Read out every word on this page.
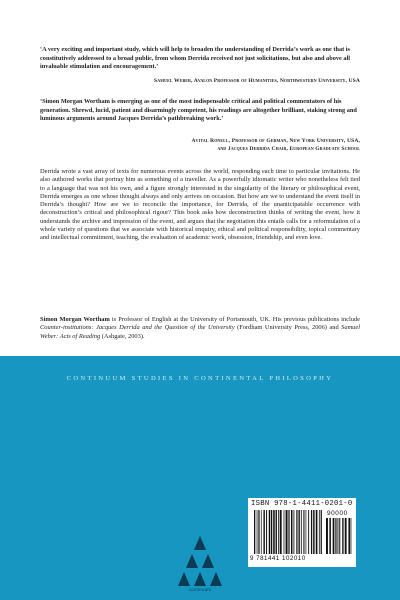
‘A very exciting and important study, which will help to broaden the understanding of Derrida’s work as one that is constitutively addressed to a broad public, from whom Derrida received not just solicitations, but also and above all invaluable stimulation and encouragement.’
Samuel Weber, Avalon Professor of Humanities, Northwestern University, USA
‘Simon Morgan Wortham is emerging as one of the most indispensable critical and political commentators of his generation. Shrewd, lucid, patient and disarmingly competent, his readings are altogether brilliant, staking strong and luminous arguments around Jacques Derrida’s pathbreaking work.’
Avital Ronell, Professor of German, New York University, USA,
and Jacques Derrida Chair, European Graduate School
Derrida wrote a vast array of texts for numerous events across the world, responding each time to particular invitations. He also authored works that portray him as something of a traveller. As a powerfully idiomatic writer who nonetheless felt tied to a language that was not his own, and a figure strongly interested in the singularity of the literary or philosophical event, Derrida emerges as one whose thought always and only arrives on occasion. But how are we to understand the event itself in Derrida’s thought? How are we to reconcile the importance, for Derrida, of the unanticipatable occurrence with deconstruction’s critical and philosophical rigour? This book asks how deconstruction thinks of writing the event, how it understands the archive and impression of the event, and argues that the negotiation this entails calls for a reformulation of a whole variety of questions that we associate with historical enquiry, ethical and political responsibility, topical commentary and intellectual commitment, teaching, the evaluation of academic work, obsession, friendship, and even love.
Simon Morgan Wortham is Professor of English at the University of Portsmouth, UK. His previous publications include Counter-institutions: Jacques Derrida and the Question of the University (Fordham University Press, 2006) and Samuel Weber: Acts of Reading (Ashgate, 2003).
CONTINUUM STUDIES IN CONTINENTAL PHILOSOPHY
ISBN 978-1-4411-0201-0
90000
9 781441 102010
continuum
